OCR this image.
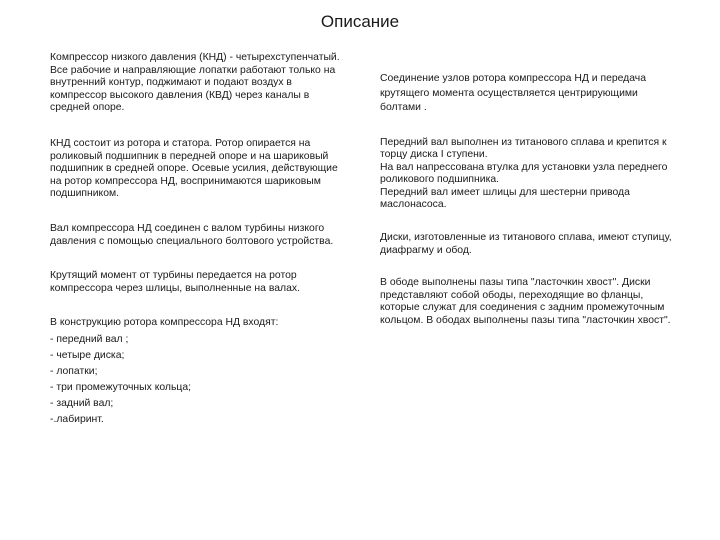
Описание

Компрессор низкого давления (КНД) - четырехступенчатый. Все рабочие и направляющие лопатки работают только на внутренний контур, поджимают и подают воздух в компрессор высокого давления (КВД) через каналы в средней опоре.

КНД состоит из ротора и статора. Ротор опирается на роликовый подшипник в передней опоре и на шариковый подшипник в средней опоре. Осевые усилия, действующие на ротор компрессора НД, воспринимаются шариковым подшипником.

Вал компрессора НД соединен с валом турбины низкого давления с помощью специального болтового устройства.

Крутящий момент от турбины передается на ротор компрессора через шлицы, выполненные на валах.

В конструкцию ротора компрессора НД входят:

- передний вал ;
- четыре диска;
- лопатки;
- три промежуточных кольца;
- задний вал;
-.лабиринт.

Соединение узлов ротора компрессора НД и передача крутящего момента осуществляется центрирующими болтами .

Передний вал выполнен из титанового сплава и крепится к торцу диска I ступени.

На вал напрессована втулка для установки узла переднего роликового подшипника.

Передний вал имеет шлицы для шестерни привода маслонасоса.

Диски, изготовленные из титанового сплава, имеют ступицу, диафрагму и обод.

В ободе выполнены пазы типа "ласточкин хвост". Диски представляют собой ободы, переходящие во фланцы, которые служат для соединения с задним промежуточным кольцом. В ободах выполнены пазы типа "ласточкин хвост".
